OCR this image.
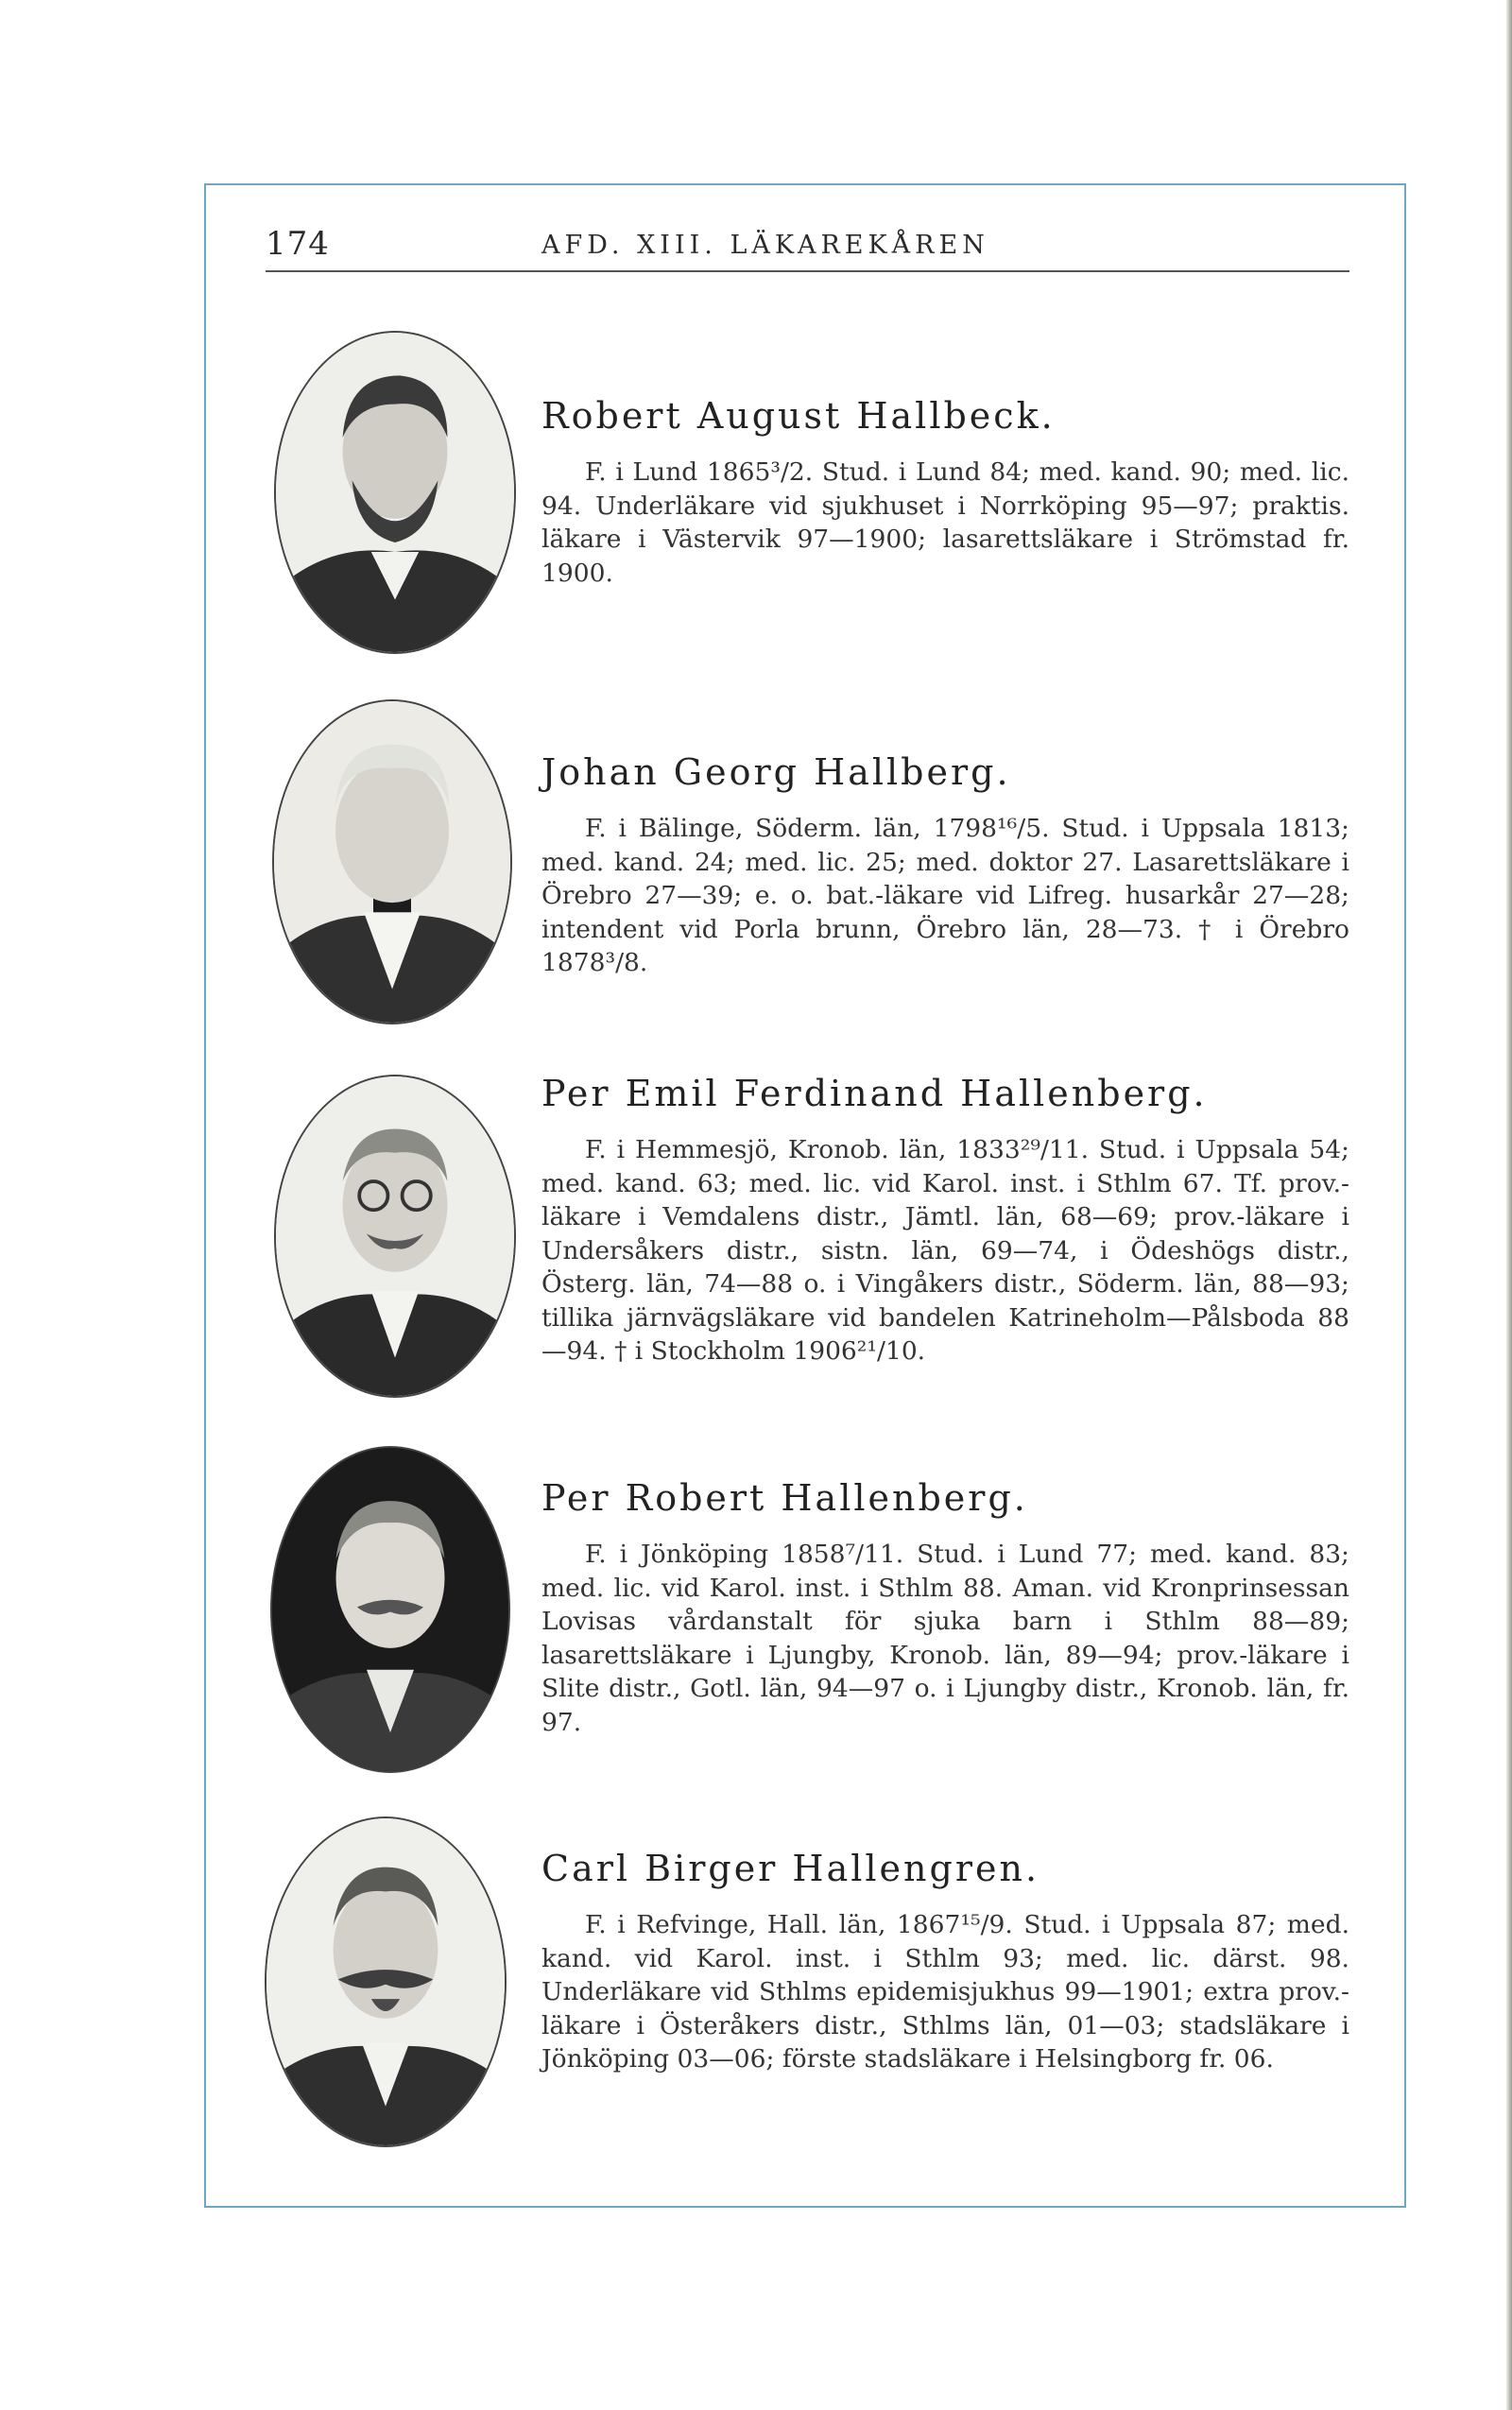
174	AFD. XIII. LÄKAREKÅREN
Robert August Hallbeck.

F. i Lund 1865³/2. Stud. i Lund 84; med. kand. 90; med. lic. 94. Underläkare vid sjukhuset i Norrköping 95—97; praktis. läkare i Västervik 97—1900; lasarettsläkare i Strömstad fr. 1900.

Johan Georg Hallberg.

F. i Bälinge, Söderm. län, 1798¹⁶/5. Stud. i Uppsala 1813; med. kand. 24; med. lic. 25; med. doktor 27. Lasarettsläkare i Örebro 27—39; e. o. bat.-läkare vid Lifreg. husarkår 27—28; intendent vid Porla brunn, Örebro län, 28—73. † i Örebro 1878³/8.

Per Emil Ferdinand Hallenberg.

F. i Hemmesjö, Kronob. län, 1833²⁹/11. Stud. i Uppsala 54; med. kand. 63; med. lic. vid Karol. inst. i Sthlm 67. Tf. prov.-läkare i Vemdalens distr., Jämtl. län, 68—69; prov.-läkare i Undersåkers distr., sistn. län, 69—74, i Ödeshögs distr., Österg. län, 74—88 o. i Vingåkers distr., Söderm. län, 88—93; tillika järnvägsläkare vid bandelen Katrineholm—Pålsboda 88—94. † i Stockholm 1906²¹/10.

Per Robert Hallenberg.

F. i Jönköping 1858⁷/11. Stud. i Lund 77; med. kand. 83; med. lic. vid Karol. inst. i Sthlm 88. Aman. vid Kronprinsessan Lovisas vårdanstalt för sjuka barn i Sthlm 88—89; lasarettsläkare i Ljungby, Kronob. län, 89—94; prov.-läkare i Slite distr., Gotl. län, 94—97 o. i Ljungby distr., Kronob. län, fr. 97.

Carl Birger Hallengren.

F. i Refvinge, Hall. län, 1867¹⁵/9. Stud. i Uppsala 87; med. kand. vid Karol. inst. i Sthlm 93; med. lic. därst. 98. Underläkare vid Sthlms epidemisjukhus 99—1901; extra prov.-läkare i Österåkers distr., Sthlms län, 01—03; stadsläkare i Jönköping 03—06; förste stadsläkare i Helsingborg fr. 06.
